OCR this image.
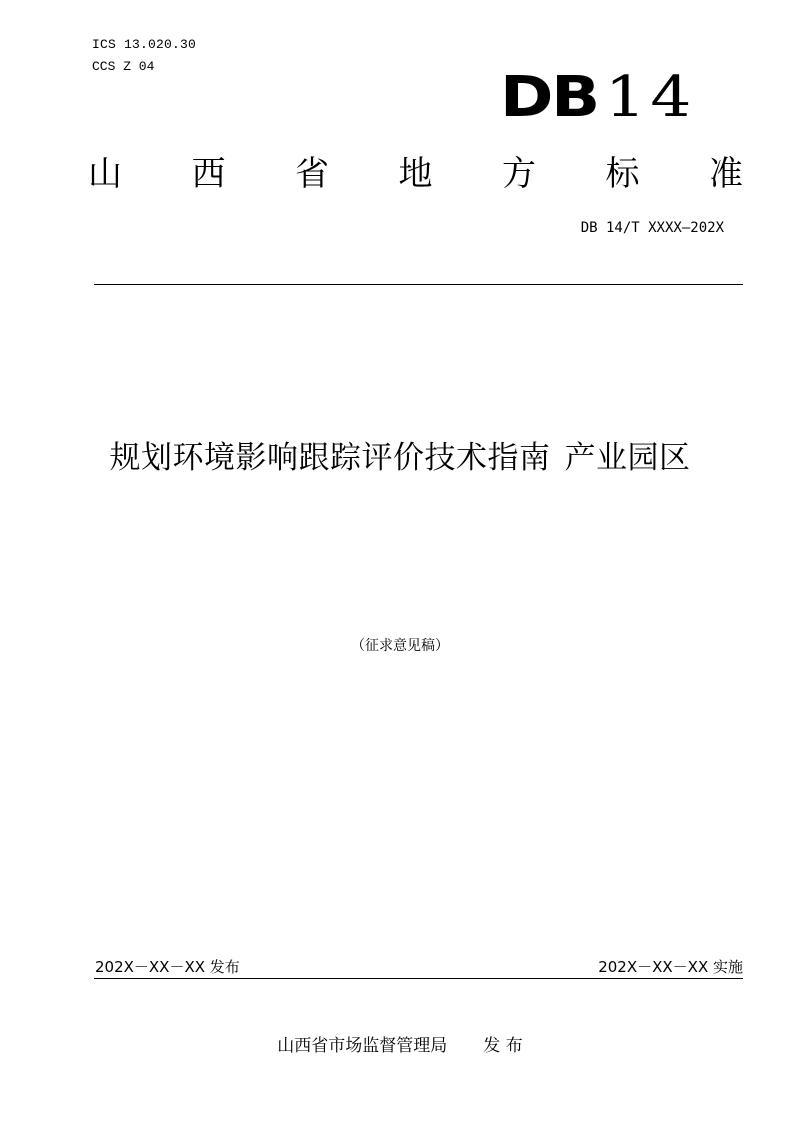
ICS 13.020.30
CCS Z 04	DB 14
山 西 省 地 方 标 准
DB 14/T XXXX—202X
规划环境影响跟踪评价技术指南 产业园区
（征求意见稿）
202X－XX－XX 发布	202X－XX－XX 实施
山西省市场监督管理局 发 布
